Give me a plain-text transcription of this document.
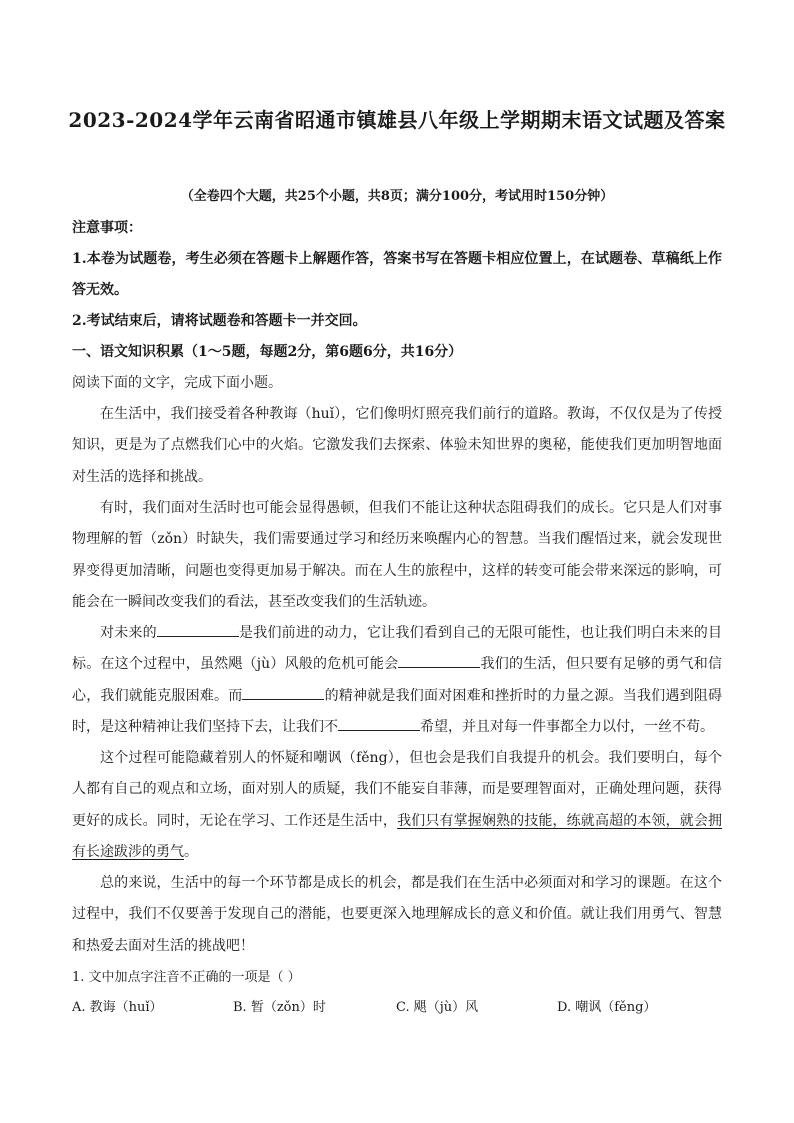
2023-2024学年云南省昭通市镇雄县八年级上学期期末语文试题及答案
（全卷四个大题，共25个小题，共8页；满分100分，考试用时150分钟）
注意事项：
1.本卷为试题卷，考生必须在答题卡上解题作答，答案书写在答题卡相应位置上，在试题卷、草稿纸上作答无效。
2.考试结束后，请将试题卷和答题卡一并交回。
一、语文知识积累（1～5题，每题2分，第6题6分，共16分）
阅读下面的文字，完成下面小题。
在生活中，我们接受着各种教诲（huǐ），它们像明灯照亮我们前行的道路。教诲，不仅仅是为了传授知识，更是为了点燃我们心中的火焰。它激发我们去探索、体验未知世界的奥秘，能使我们更加明智地面对生活的选择和挑战。
有时，我们面对生活时也可能会显得愚顿，但我们不能让这种状态阻碍我们的成长。它只是人们对事物理解的暂（zǒn）时缺失，我们需要通过学习和经历来唤醒内心的智慧。当我们醒悟过来，就会发现世界变得更加清晰，问题也变得更加易于解决。而在人生的旅程中，这样的转变可能会带来深远的影响，可能会在一瞬间改变我们的看法，甚至改变我们的生活轨迹。
对未来的	是我们前进的动力，它让我们看到自己的无限可能性，也让我们明白未来的目标。在这个过程中，虽然飓（jù）风般的危机可能会	我们的生活，但只要有足够的勇气和信心，我们就能克服困难。而	的精神就是我们面对困难和挫折时的力量之源。当我们遇到阻碍时，是这种精神让我们坚持下去，让我们不	希望，并且对每一件事都全力以付，一丝不苟。
这个过程可能隐藏着别人的怀疑和嘲讽（fěng），但也会是我们自我提升的机会。我们要明白，每个人都有自己的观点和立场，面对别人的质疑，我们不能妄自菲薄，而是要理智面对，正确处理问题，获得更好的成长。同时，无论在学习、工作还是生活中，我们只有掌握娴熟的技能，练就高超的本领，就会拥有长途跋涉的勇气。
总的来说，生活中的每一个环节都是成长的机会，都是我们在生活中必须面对和学习的课题。在这个过程中，我们不仅要善于发现自己的潜能，也要更深入地理解成长的意义和价值。就让我们用勇气、智慧和热爱去面对生活的挑战吧！
1. 文中加点字注音不正确的一项是（ ）
A. 教诲（huǐ）	B. 暂（zǒn）时	C. 飓（jù）风	D. 嘲讽（fěng）
